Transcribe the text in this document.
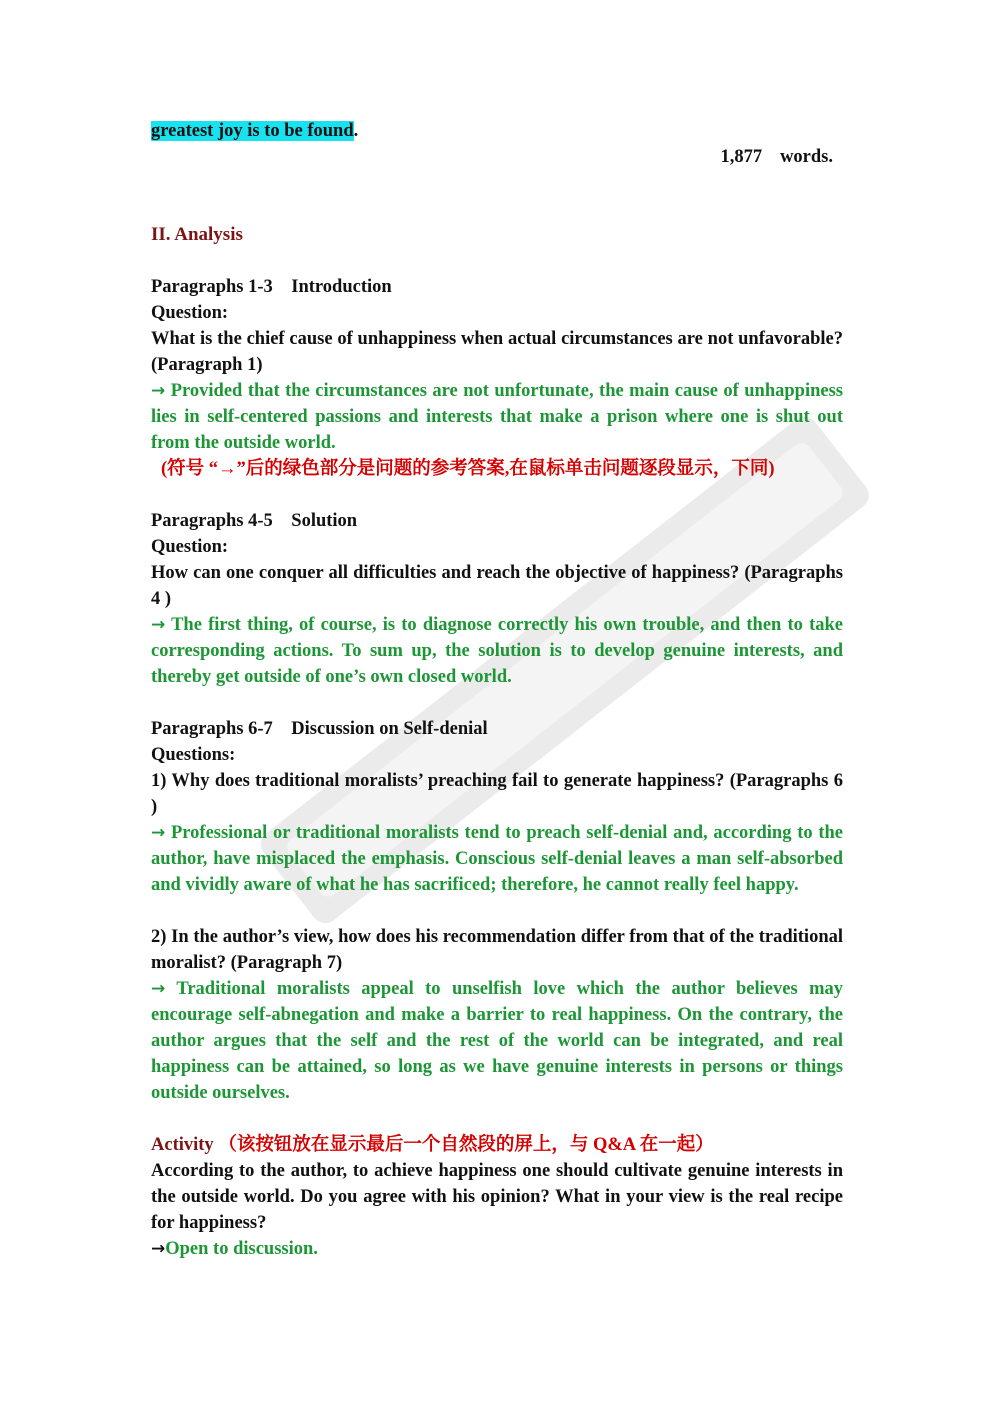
greatest joy is to be found.
1,877 words.
II. Analysis
Paragraphs 1-3    Introduction
Question:
What is the chief cause of unhappiness when actual circumstances are not unfavorable? (Paragraph 1)
→ Provided that the circumstances are not unfortunate, the main cause of unhappiness lies in self-centered passions and interests that make a prison where one is shut out from the outside world.
(符号 “→”后的绿色部分是问题的参考答案,在鼠标单击问题逐段显示，下同)
Paragraphs 4-5    Solution
Question:
How can one conquer all difficulties and reach the objective of happiness? (Paragraphs 4 )
→ The first thing, of course, is to diagnose correctly his own trouble, and then to take corresponding actions. To sum up, the solution is to develop genuine interests, and thereby get outside of one’s own closed world.
Paragraphs 6-7    Discussion on Self-denial
Questions:
1) Why does traditional moralists’ preaching fail to generate happiness? (Paragraphs 6 )
→ Professional or traditional moralists tend to preach self-denial and, according to the author, have misplaced the emphasis. Conscious self-denial leaves a man self-absorbed and vividly aware of what he has sacrificed; therefore, he cannot really feel happy.
2) In the author’s view, how does his recommendation differ from that of the traditional moralist? (Paragraph 7)
→ Traditional moralists appeal to unselfish love which the author believes may encourage self-abnegation and make a barrier to real happiness. On the contrary, the author argues that the self and the rest of the world can be integrated, and real happiness can be attained, so long as we have genuine interests in persons or things outside ourselves.
Activity （该按钮放在显示最后一个自然段的屏上，与 Q&A 在一起）
According to the author, to achieve happiness one should cultivate genuine interests in the outside world. Do you agree with his opinion? What in your view is the real recipe for happiness?
→Open to discussion.
